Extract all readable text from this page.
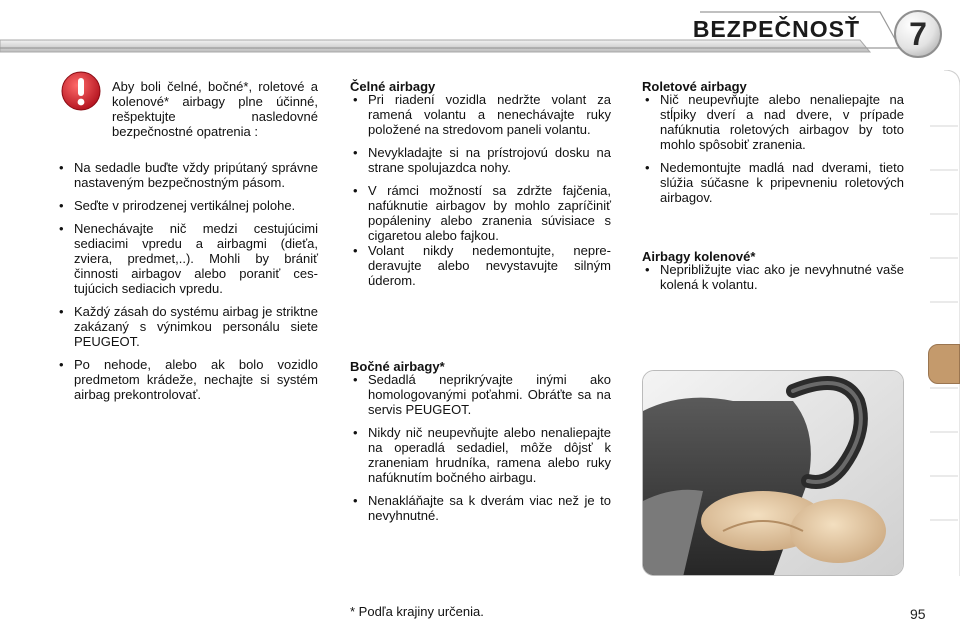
BEZPEČNOSŤ	7

Aby boli čelné, bočné*, roletové a kolenové* airbagy plne účinné, rešpektujte nasledovné bezpečnostné opatrenia :

• Na sedadle buďte vždy pripútaný správne nastaveným bezpečnostným pásom.
• Seďte v prirodzenej vertikálnej polohe.
• Nenechávajte nič medzi cestujúcimi sediacimi vpredu a airbagmi (dieťa, zviera, predmet,..). Mohli by brániť činnosti airbagov alebo poraniť cestujúcich sediacich vpredu.
• Každý zásah do systému airbag je striktne zakázaný s výnimkou personálu siete PEUGEOT.
• Po nehode, alebo ak bolo vozidlo predmetom krádeže, nechajte si systém airbag prekontrolovať.

Čelné airbagy

• Pri riadení vozidla nedržte volant za ramená volantu a nenechávajte ruky položené na stredovom paneli volantu.
• Nevykladajte si na prístrojovú dosku na strane spolujazdca nohy.
• V rámci možností sa zdržte fajčenia, nafúknutie airbagov by mohlo zapríčiniť popáleniny alebo zranenia súvisiace s cigaretou alebo fajkou.
• Volant nikdy nedemontujte, neprederavujte alebo nevystavujte silným úderom.

Bočné airbagy*

• Sedadlá neprikrývajte inými ako homologovanými poťahmi. Obráťte sa na servis PEUGEOT.
• Nikdy nič neupevňujte alebo nenaliepajte na operadlá sedadiel, môže dôjsť k zraneniam hrudníka, ramena alebo ruky nafúknutím bočného airbagu.
• Nenakláňajte sa k dverám viac než je to nevyhnutné.

Roletové airbagy

• Nič neupevňujte alebo nenaliepajte na stĺpiky dverí a nad dvere, v prípade nafúknutia roletových airbagov by toto mohlo spôsobiť zranenia.
• Nedemontujte madlá nad dverami, tieto slúžia súčasne k pripevneniu roletových airbagov.

Airbagy kolenové*

• Nepribližujte viac ako je nevyhnutné vaše kolená k volantu.
* Podľa krajiny určenia.	95
